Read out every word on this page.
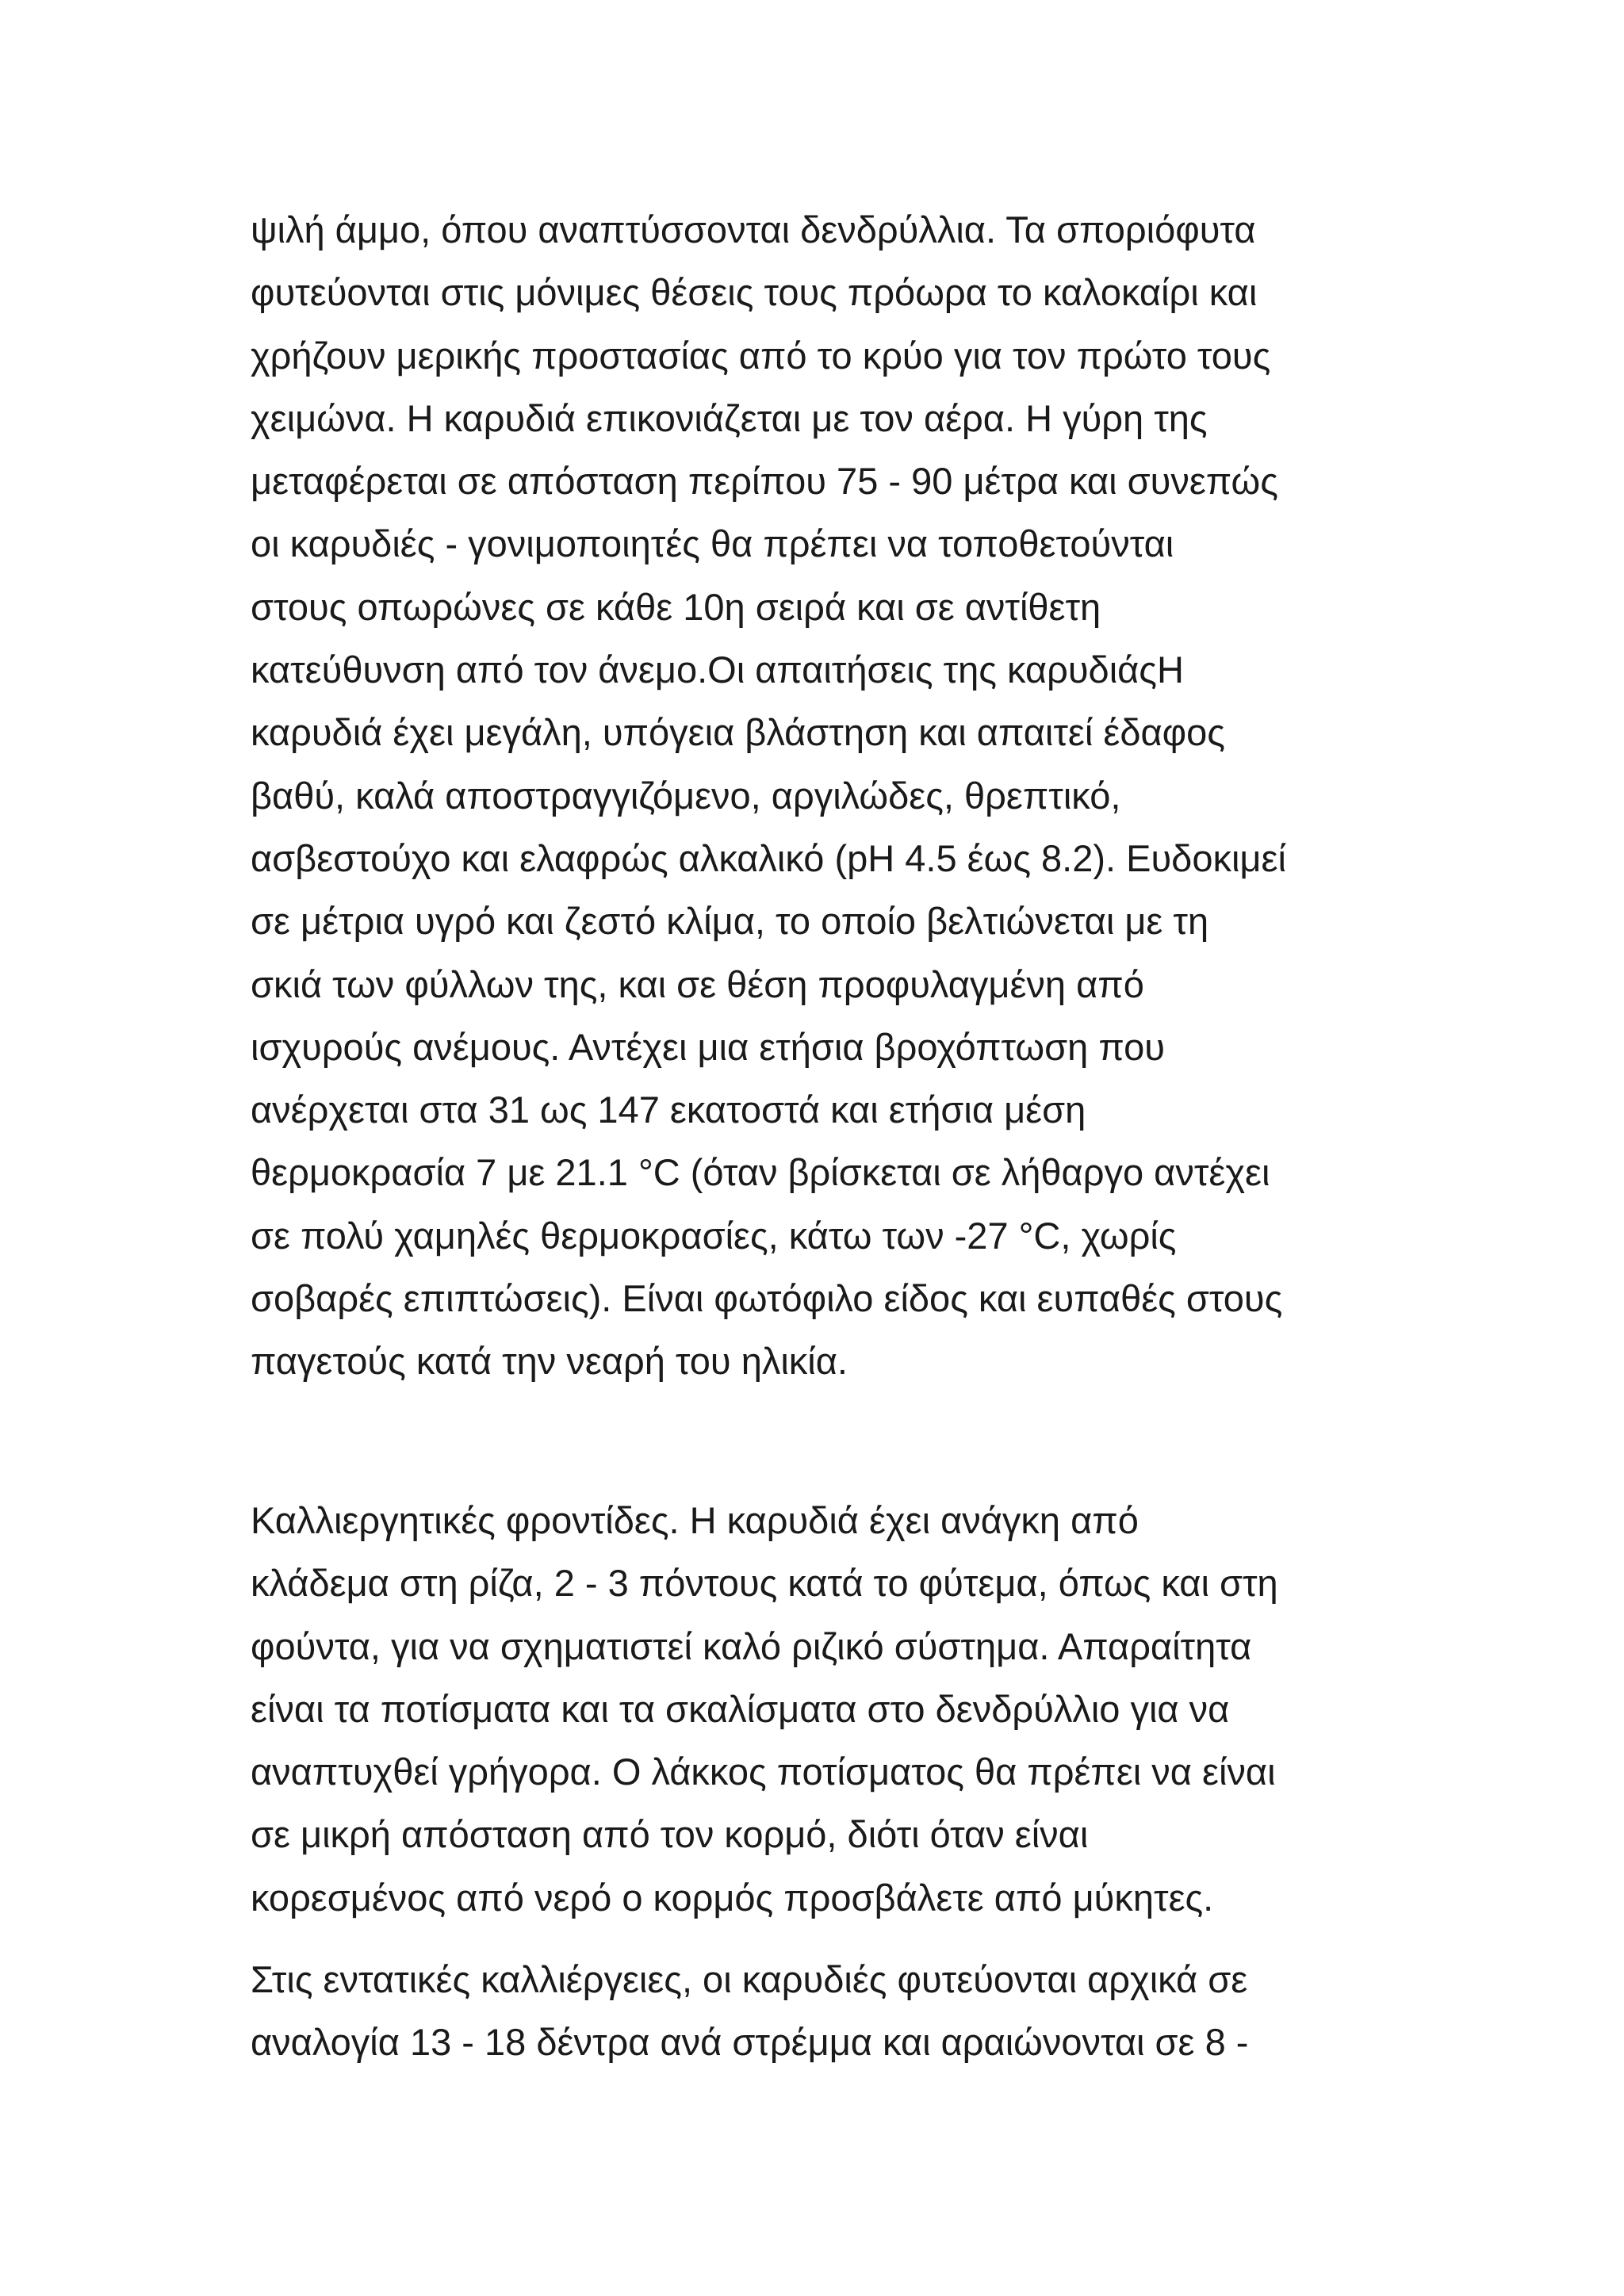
ψιλή άμμο, όπου αναπτύσσονται δενδρύλλια. Τα σποριόφυτα
φυτεύονται στις μόνιμες θέσεις τους πρόωρα το καλοκαίρι και
χρήζουν μερικής προστασίας από το κρύο για τον πρώτο τους
χειμώνα. Η καρυδιά επικονιάζεται με τον αέρα. Η γύρη της
μεταφέρεται σε απόσταση περίπου 75 - 90 μέτρα και συνεπώς
οι καρυδιές - γονιμοποιητές θα πρέπει να τοποθετούνται
στους οπωρώνες σε κάθε 10η σειρά και σε αντίθετη
κατεύθυνση από τον άνεμο.Οι απαιτήσεις της καρυδιάςΗ
καρυδιά έχει μεγάλη, υπόγεια βλάστηση και απαιτεί έδαφος
βαθύ, καλά αποστραγγιζόμενο, αργιλώδες, θρεπτικό,
ασβεστούχο και ελαφρώς αλκαλικό (pH 4.5 έως 8.2). Ευδοκιμεί
σε μέτρια υγρό και ζεστό κλίμα, το οποίο βελτιώνεται με τη
σκιά των φύλλων της, και σε θέση προφυλαγμένη από
ισχυρούς ανέμους. Αντέχει μια ετήσια βροχόπτωση που
ανέρχεται στα 31 ως 147 εκατοστά και ετήσια μέση
θερμοκρασία 7 με 21.1 °C (όταν βρίσκεται σε λήθαργο αντέχει
σε πολύ χαμηλές θερμοκρασίες, κάτω των -27 °C, χωρίς
σοβαρές επιπτώσεις). Είναι φωτόφιλο είδος και ευπαθές στους
παγετούς κατά την νεαρή του ηλικία.

Καλλιεργητικές φροντίδες. Η καρυδιά έχει ανάγκη από
κλάδεμα στη ρίζα, 2 - 3 πόντους κατά το φύτεμα, όπως και στη
φούντα, για να σχηματιστεί καλό ριζικό σύστημα. Απαραίτητα
είναι τα ποτίσματα και τα σκαλίσματα στο δενδρύλλιο για να
αναπτυχθεί γρήγορα. Ο λάκκος ποτίσματος θα πρέπει να είναι
σε μικρή απόσταση από τον κορμό, διότι όταν είναι
κορεσμένος από νερό ο κορμός προσβάλετε από μύκητες.

Στις εντατικές καλλιέργειες, οι καρυδιές φυτεύονται αρχικά σε
αναλογία 13 - 18 δέντρα ανά στρέμμα και αραιώνονται σε 8 -
